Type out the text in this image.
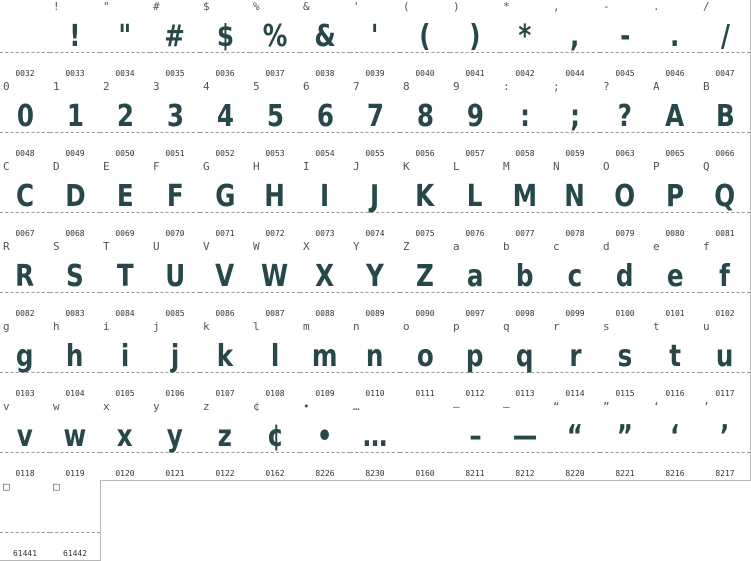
0032
!
!
0033
"
"
0034
#
#
0035
$
$
0036
%
%
0037
&
&
0038
'
'
0039
(
(
0040
)
)
0041
*
*
0042
,
,
0044
-
-
0045
.
.
0046
/
/
0047
0
0
0048
1
1
0049
2
2
0050
3
3
0051
4
4
0052
5
5
0053
6
6
0054
7
7
0055
8
8
0056
9
9
0057
:
:
0058
;
;
0059
?
?
0063
A
A
0065
B
B
0066
C
C
0067
D
D
0068
E
E
0069
F
F
0070
G
G
0071
H
H
0072
I
I
0073
J
J
0074
K
K
0075
L
L
0076
M
M
0077
N
N
0078
O
O
0079
P
P
0080
Q
Q
0081
R
R
0082
S
S
0083
T
T
0084
U
U
0085
V
V
0086
W
W
0087
X
X
0088
Y
Y
0089
Z
Z
0090
a
a
0097
b
b
0098
c
c
0099
d
d
0100
e
e
0101
f
f
0102
g
g
0103
h
h
0104
i
i
0105
j
j
0106
k
k
0107
l
l
0108
m
m
0109
n
n
0110
o
o
0111
p
p
0112
q
q
0113
r
r
0114
s
s
0115
t
t
0116
u
u
0117
v
v
0118
w
w
0119
x
x
0120
y
y
0121
z
z
0122
¢
¢
0162
•
•
8226
…
…
8230	0160
–
–
8211
—
—
8212
“
“
8220
”
”
8221
‘
‘
8216
’
’
8217
□
61441
□
61442
